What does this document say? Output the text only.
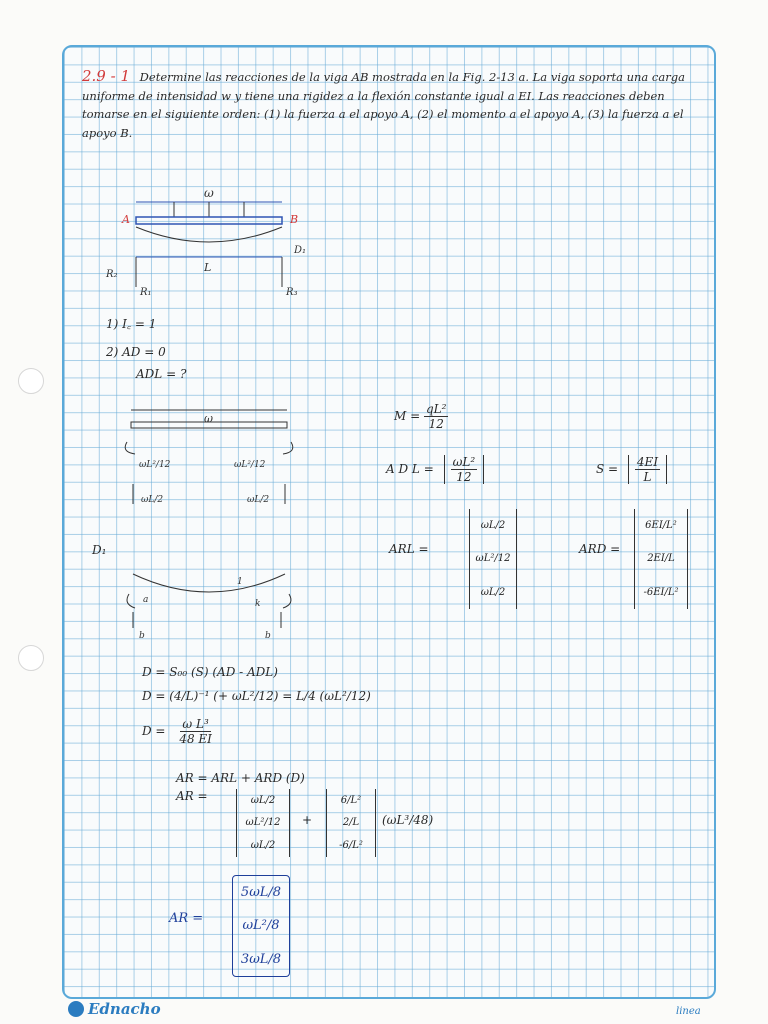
2.9 - 1 Determine las reacciones de la viga AB mostrada en la Fig. 2-13 a. La viga soporta una carga uniforme de intensidad w y tiene una rigidez a la flexión constante igual a EI. Las reacciones deben tomarse en el siguiente orden: (1) la fuerza a el apoyo A, (2) el momento a el apoyo A, (3) la fuerza a el apoyo B.
ω
A	B
D₁
L
R₁
R₂
R₃
1) I꜀ = 1
2) AD = 0
ADL = ?
ω
ωL²/12	ωL²/12
ωL/2	ωL/2
$M = \frac{\text{qL²}}{12}$
A D $L = \frac{\text{ωL²}}{12}$	$S = \frac{4EI}{L}$
ARL =
ωL/2
ωL²/12
ωL/2
ARD =
6EI/L²
2EI/L
-6EI/L²
D₁
a	k
1
b	b
D = S₀₀ (S) (AD - ADL)
D = (4/L)⁻¹ (+ ωL²/12) = L/4 (ωL²/12)
$D = \frac{\text{ω L³}}{48 EI}$
AR = ARL + ARD (D)
AR =	ωL/2
ωL²/12
ωL/2
+
6/L²
2/L
-6/L²
(ωL³/48)
AR =
5ωL/8
ωL²/8
3ωL/8
Ednacho	linea
